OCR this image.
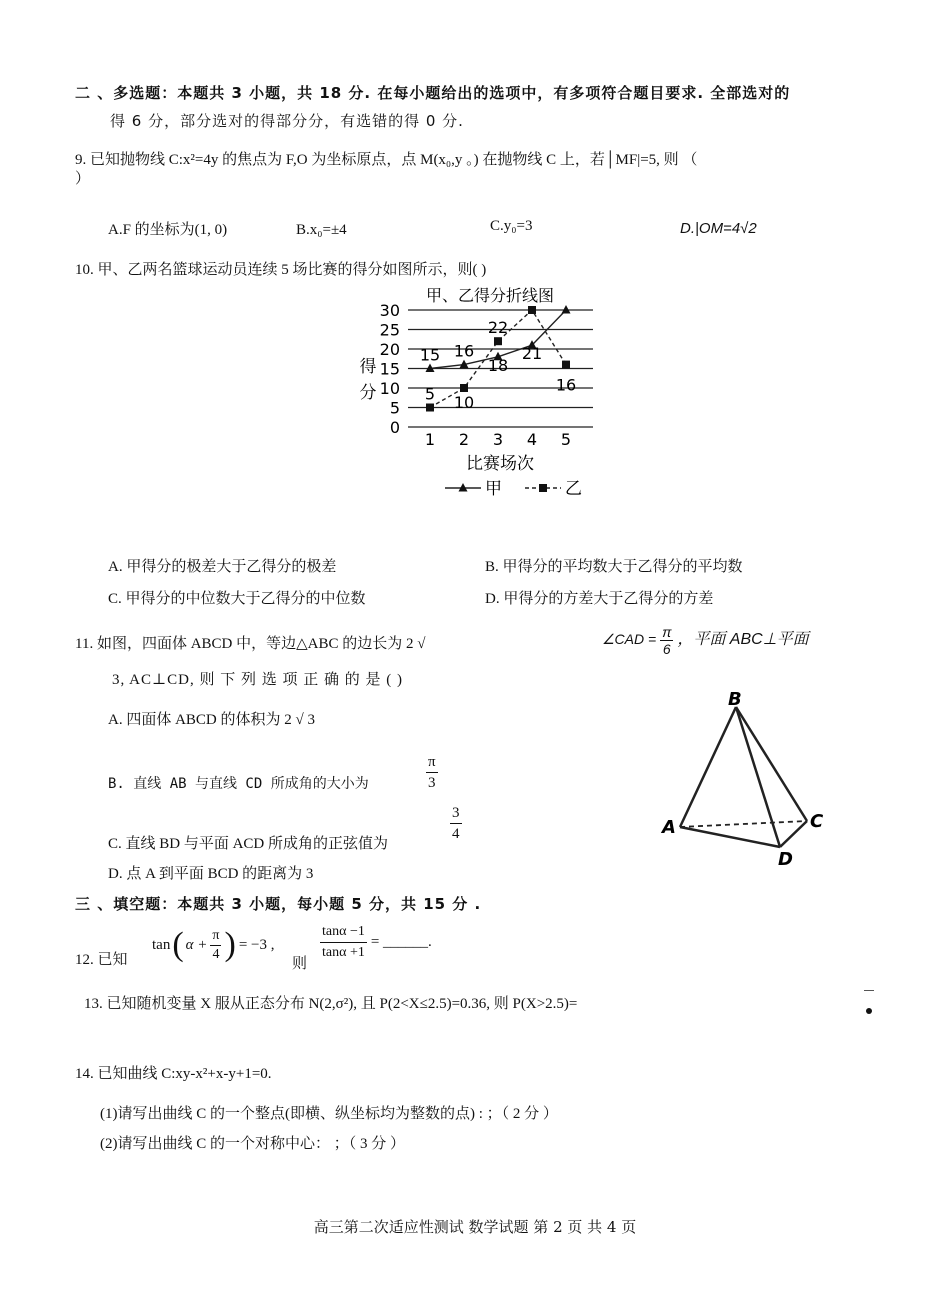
二 、多选题：本题共 3 小题，共 18 分. 在每小题给出的选项中，有多项符合题目要求. 全部选对的
得 6 分，部分选对的得部分分，有选错的得 0 分.
9. 已知抛物线 C:x²=4y 的焦点为 F,O 为坐标原点，点 M(x₀,y 。) 在抛物线 C 上，若│MF|=5, 则 （
）
A.F 的坐标为(1, 0)	B.x₀=±4	C.y₀=3	D.|OM=4√2
10. 甲、乙两名篮球运动员连续 5 场比赛的得分如图所示，则( )
甲、乙得分折线图
0
5
10
15
20
25
30
得
分
15 16
18
21
5 10
22
16
1 2 3 4 5
比赛场次
甲	乙
A. 甲得分的极差大于乙得分的极差	B. 甲得分的平均数大于乙得分的平均数
C. 甲得分的中位数大于乙得分的中位数	D. 甲得分的方差大于乙得分的方差
11. 如图，四面体 ABCD 中，等边△ABC 的边长为 2 √	∠CAD = $\frac{\pi}{6}$ ，平面 ABC⊥平面
3, AC⊥CD, 则 下 列 选 项 正 确 的 是 ( )
A. 四面体 ABCD 的体积为 2 √ 3
B. 直线 AB 与直线 CD 所成角的大小为	$\frac{\pi}{3}$
C. 直线 BD 与平面 ACD 所成角的正弦值为	$\frac{3}{4}$
D. 点 A 到平面 BCD 的距离为 3
B
A	C
D
三 、填空题：本题共 3 小题，每小题 5 分，共 15 分 .
12. 已知
tan ( $\alpha + \frac{\pi}{4}$ ) = −3 ,
则
$\frac{\tan\alpha -1}{\tan\alpha +1}$ = ______.
13. 已知随机变量 X 服从正态分布 N(2,σ²), 且 P(2<X≤2.5)=0.36, 则 P(X>2.5)=
14. 已知曲线 C:xy-x²+x-y+1=0.
(1)请写出曲线 C 的一个整点(即横、纵坐标均为整数的点) : ；（ 2 分 ）
(2)请写出曲线 C 的一个对称中心： ；（ 3 分 ）
高三第二次适应性测试 数学试题 第 2 页 共 4 页
